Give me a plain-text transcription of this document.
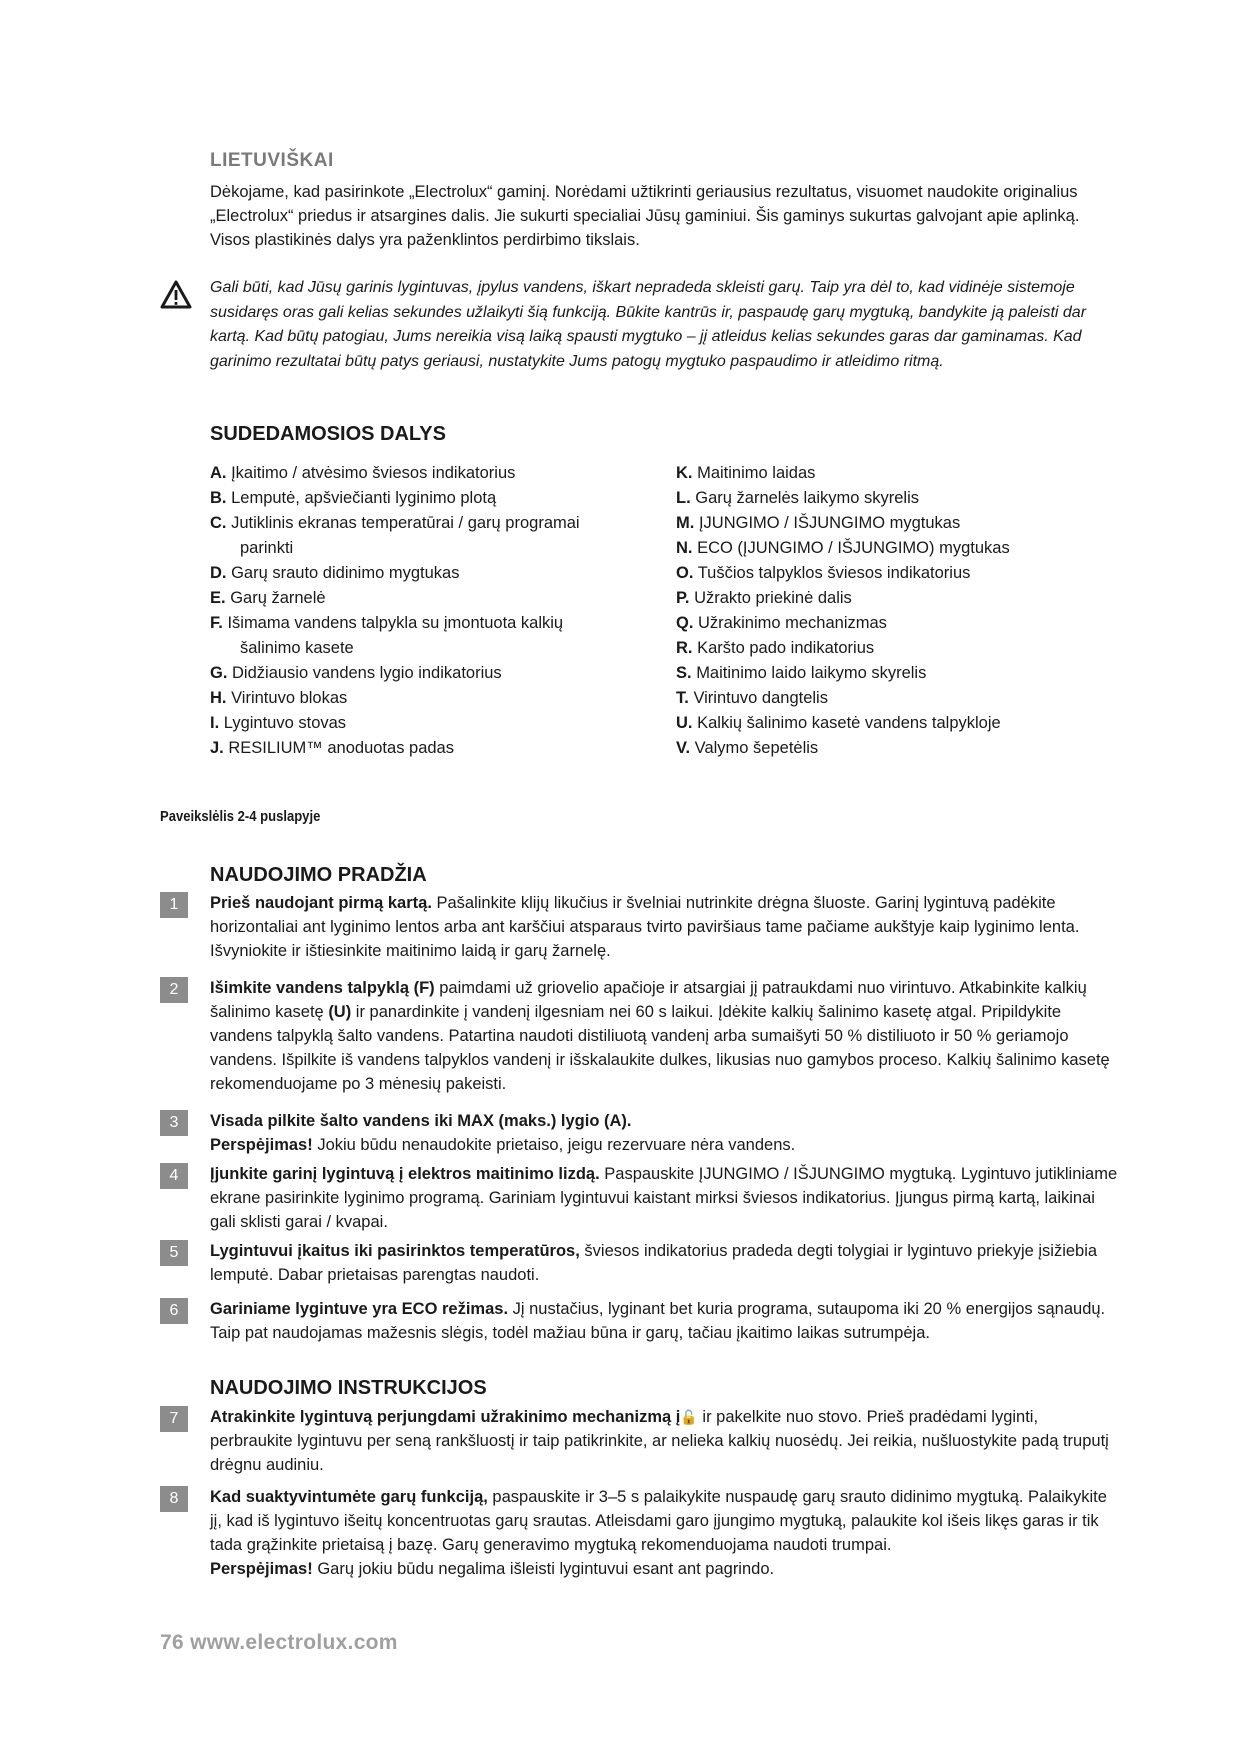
LIETUVIŠKAI

Dėkojame, kad pasirinkote „Electrolux“ gaminį. Norėdami užtikrinti geriausius rezultatus, visuomet naudokite originalius „Electrolux“ priedus ir atsargines dalis. Jie sukurti specialiai Jūsų gaminiui. Šis gaminys sukurtas galvojant apie aplinką. Visos plastikinės dalys yra paženklintos perdirbimo tikslais.

Gali būti, kad Jūsų garinis lygintuvas, įpylus vandens, iškart nepradeda skleisti garų. Taip yra dėl to, kad vidinėje sistemoje susidaręs oras gali kelias sekundes užlaikyti šią funkciją. Būkite kantrūs ir, paspaudę garų mygtuką, bandykite ją paleisti dar kartą. Kad būtų patogiau, Jums nereikia visą laiką spausti mygtuko – jį atleidus kelias sekundes garas dar gaminamas. Kad garinimo rezultatai būtų patys geriausi, nustatykite Jums patogų mygtuko paspaudimo ir atleidimo ritmą.

SUDEDAMOSIOS DALYS
A. Įkaitimo / atvėsimo šviesos indikatorius
B. Lemputė, apšviečianti lyginimo plotą
C. Jutiklinis ekranas temperatūrai / garų programai
parinkti
D. Garų srauto didinimo mygtukas
E. Garų žarnelė
F. Išimama vandens talpykla su įmontuota kalkių
šalinimo kasete
G. Didžiausio vandens lygio indikatorius
H. Virintuvo blokas
I. Lygintuvo stovas
J. RESILIUM™ anoduotas padas
K. Maitinimo laidas
L. Garų žarnelės laikymo skyrelis
M. ĮJUNGIMO / IŠJUNGIMO mygtukas
N. ECO (ĮJUNGIMO / IŠJUNGIMO) mygtukas
O. Tuščios talpyklos šviesos indikatorius
P. Užrakto priekinė dalis
Q. Užrakinimo mechanizmas
R. Karšto pado indikatorius
S. Maitinimo laido laikymo skyrelis
T. Virintuvo dangtelis
U. Kalkių šalinimo kasetė vandens talpykloje
V. Valymo šepetėlis
Paveikslėlis 2-4 puslapyje
NAUDOJIMO PRADŽIA
1	Prieš naudojant pirmą kartą. Pašalinkite klijų likučius ir švelniai nutrinkite drėgna šluoste. Garinį lygintuvą padėkite horizontaliai ant lyginimo lentos arba ant karščiui atsparaus tvirto paviršiaus tame pačiame aukštyje kaip lyginimo lenta. Išvyniokite ir ištiesinkite maitinimo laidą ir garų žarnelę.
2	Išimkite vandens talpyklą (F) paimdami už griovelio apačioje ir atsargiai jį patraukdami nuo virintuvo. Atkabinkite kalkių šalinimo kasetę (U) ir panardinkite į vandenį ilgesniam nei 60 s laikui. Įdėkite kalkių šalinimo kasetę atgal. Pripildykite vandens talpyklą šalto vandens. Patartina naudoti distiliuotą vandenį arba sumaišyti 50 % distiliuoto ir 50 % geriamojo vandens. Išpilkite iš vandens talpyklos vandenį ir išskalaukite dulkes, likusias nuo gamybos proceso. Kalkių šalinimo kasetę rekomenduojame po 3 mėnesių pakeisti.
3	Visada pilkite šalto vandens iki MAX (maks.) lygio (A).
Perspėjimas! Jokiu būdu nenaudokite prietaiso, jeigu rezervuare nėra vandens.
4	Įjunkite garinį lygintuvą į elektros maitinimo lizdą. Paspauskite ĮJUNGIMO / IŠJUNGIMO mygtuką. Lygintuvo jutikliniame ekrane pasirinkite lyginimo programą. Gariniam lygintuvui kaistant mirksi šviesos indikatorius. Įjungus pirmą kartą, laikinai gali sklisti garai / kvapai.
5	Lygintuvui įkaitus iki pasirinktos temperatūros, šviesos indikatorius pradeda degti tolygiai ir lygintuvo priekyje įsižiebia lemputė. Dabar prietaisas parengtas naudoti.
6	Gariniame lygintuve yra ECO režimas. Jį nustačius, lyginant bet kuria programa, sutaupoma iki 20 % energijos sąnaudų. Taip pat naudojamas mažesnis slėgis, todėl mažiau būna ir garų, tačiau įkaitimo laikas sutrumpėja.
NAUDOJIMO INSTRUKCIJOS
7	Atrakinkite lygintuvą perjungdami užrakinimo mechanizmą į🔓 ir pakelkite nuo stovo. Prieš pradėdami lyginti, perbraukite lygintuvu per seną rankšluostį ir taip patikrinkite, ar nelieka kalkių nuosėdų. Jei reikia, nušluostykite padą truputį drėgnu audiniu.
8	Kad suaktyvintumėte garų funkciją, paspauskite ir 3–5 s palaikykite nuspaudę garų srauto didinimo mygtuką. Palaikykite jį, kad iš lygintuvo išeitų koncentruotas garų srautas. Atleisdami garo įjungimo mygtuką, palaukite kol išeis likęs garas ir tik tada grąžinkite prietaisą į bazę. Garų generavimo mygtuką rekomenduojama naudoti trumpai.
Perspėjimas! Garų jokiu būdu negalima išleisti lygintuvui esant ant pagrindo.
76 www.electrolux.com
